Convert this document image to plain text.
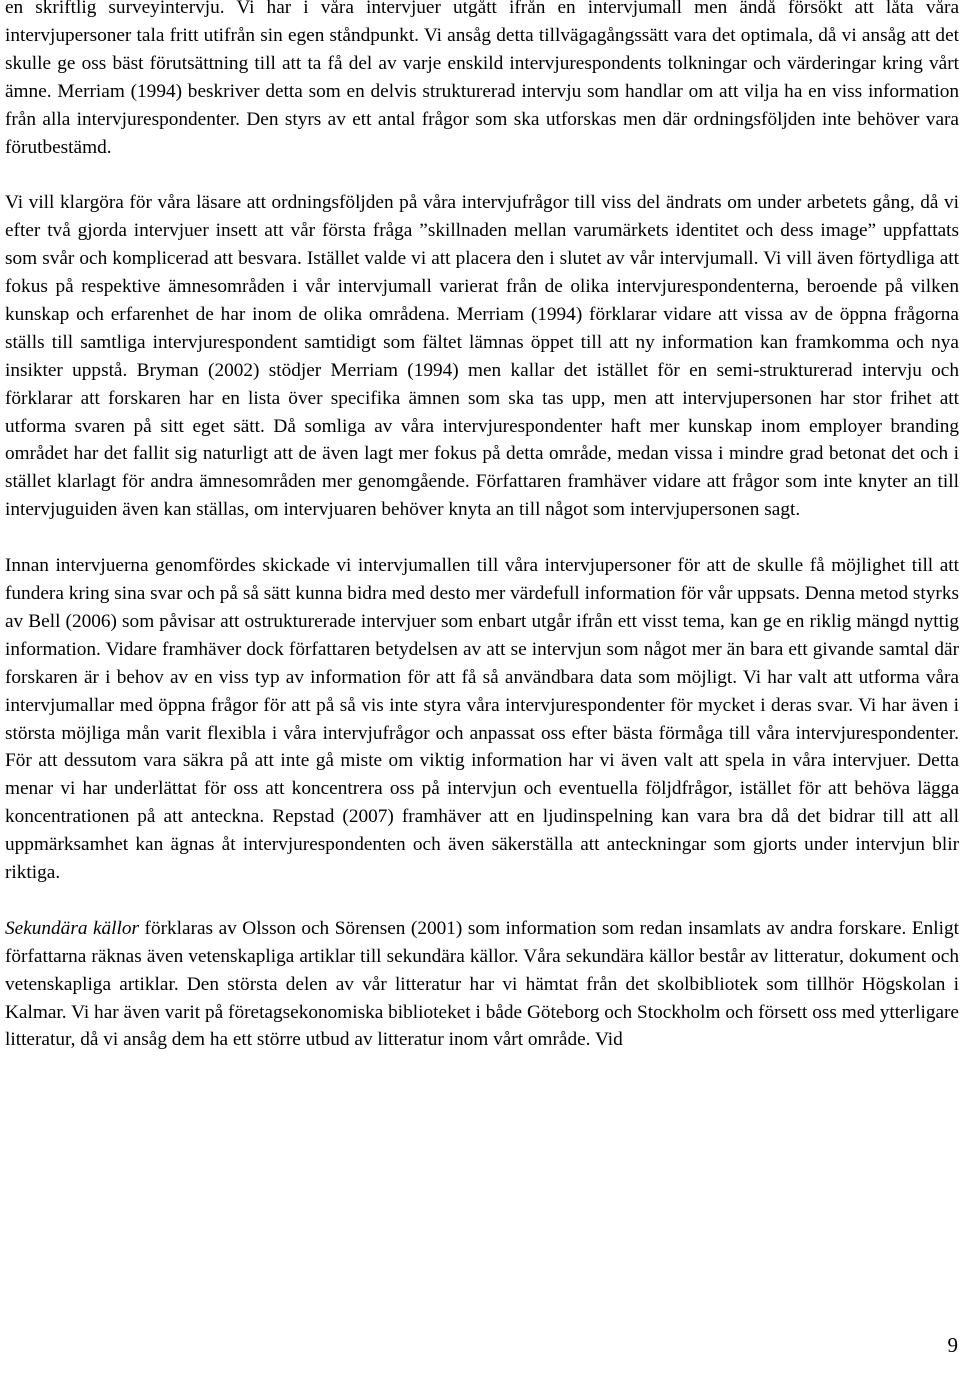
en skriftlig surveyintervju. Vi har i våra intervjuer utgått ifrån en intervjumall men ändå försökt att låta våra intervjupersoner tala fritt utifrån sin egen ståndpunkt. Vi ansåg detta tillvägagångssätt vara det optimala, då vi ansåg att det skulle ge oss bäst förutsättning till att ta få del av varje enskild intervjurespondents tolkningar och värderingar kring vårt ämne. Merriam (1994) beskriver detta som en delvis strukturerad intervju som handlar om att vilja ha en viss information från alla intervjurespondenter. Den styrs av ett antal frågor som ska utforskas men där ordningsföljden inte behöver vara förutbestämd.

Vi vill klargöra för våra läsare att ordningsföljden på våra intervjufrågor till viss del ändrats om under arbetets gång, då vi efter två gjorda intervjuer insett att vår första fråga ”skillnaden mellan varumärkets identitet och dess image” uppfattats som svår och komplicerad att besvara. Istället valde vi att placera den i slutet av vår intervjumall. Vi vill även förtydliga att fokus på respektive ämnesområden i vår intervjumall varierat från de olika intervjurespondenterna, beroende på vilken kunskap och erfarenhet de har inom de olika områdena. Merriam (1994) förklarar vidare att vissa av de öppna frågorna ställs till samtliga intervjurespondent samtidigt som fältet lämnas öppet till att ny information kan framkomma och nya insikter uppstå. Bryman (2002) stödjer Merriam (1994) men kallar det istället för en semi-strukturerad intervju och förklarar att forskaren har en lista över specifika ämnen som ska tas upp, men att intervjupersonen har stor frihet att utforma svaren på sitt eget sätt. Då somliga av våra intervjurespondenter haft mer kunskap inom employer branding området har det fallit sig naturligt att de även lagt mer fokus på detta område, medan vissa i mindre grad betonat det och i stället klarlagt för andra ämnesområden mer genomgående. Författaren framhäver vidare att frågor som inte knyter an till intervjuguiden även kan ställas, om intervjuaren behöver knyta an till något som intervjupersonen sagt.

Innan intervjuerna genomfördes skickade vi intervjumallen till våra intervjupersoner för att de skulle få möjlighet till att fundera kring sina svar och på så sätt kunna bidra med desto mer värdefull information för vår uppsats. Denna metod styrks av Bell (2006) som påvisar att ostrukturerade intervjuer som enbart utgår ifrån ett visst tema, kan ge en riklig mängd nyttig information. Vidare framhäver dock författaren betydelsen av att se intervjun som något mer än bara ett givande samtal där forskaren är i behov av en viss typ av information för att få så användbara data som möjligt. Vi har valt att utforma våra intervjumallar med öppna frågor för att på så vis inte styra våra intervjurespondenter för mycket i deras svar. Vi har även i största möjliga mån varit flexibla i våra intervjufrågor och anpassat oss efter bästa förmåga till våra intervjurespondenter. För att dessutom vara säkra på att inte gå miste om viktig information har vi även valt att spela in våra intervjuer. Detta menar vi har underlättat för oss att koncentrera oss på intervjun och eventuella följdfrågor, istället för att behöva lägga koncentrationen på att anteckna. Repstad (2007) framhäver att en ljudinspelning kan vara bra då det bidrar till att all uppmärksamhet kan ägnas åt intervjurespondenten och även säkerställa att anteckningar som gjorts under intervjun blir riktiga.

Sekundära källor förklaras av Olsson och Sörensen (2001) som information som redan insamlats av andra forskare. Enligt författarna räknas även vetenskapliga artiklar till sekundära källor. Våra sekundära källor består av litteratur, dokument och vetenskapliga artiklar. Den största delen av vår litteratur har vi hämtat från det skolbibliotek som tillhör Högskolan i Kalmar. Vi har även varit på företagsekonomiska biblioteket i både Göteborg och Stockholm och försett oss med ytterligare litteratur, då vi ansåg dem ha ett större utbud av litteratur inom vårt område. Vid

9
